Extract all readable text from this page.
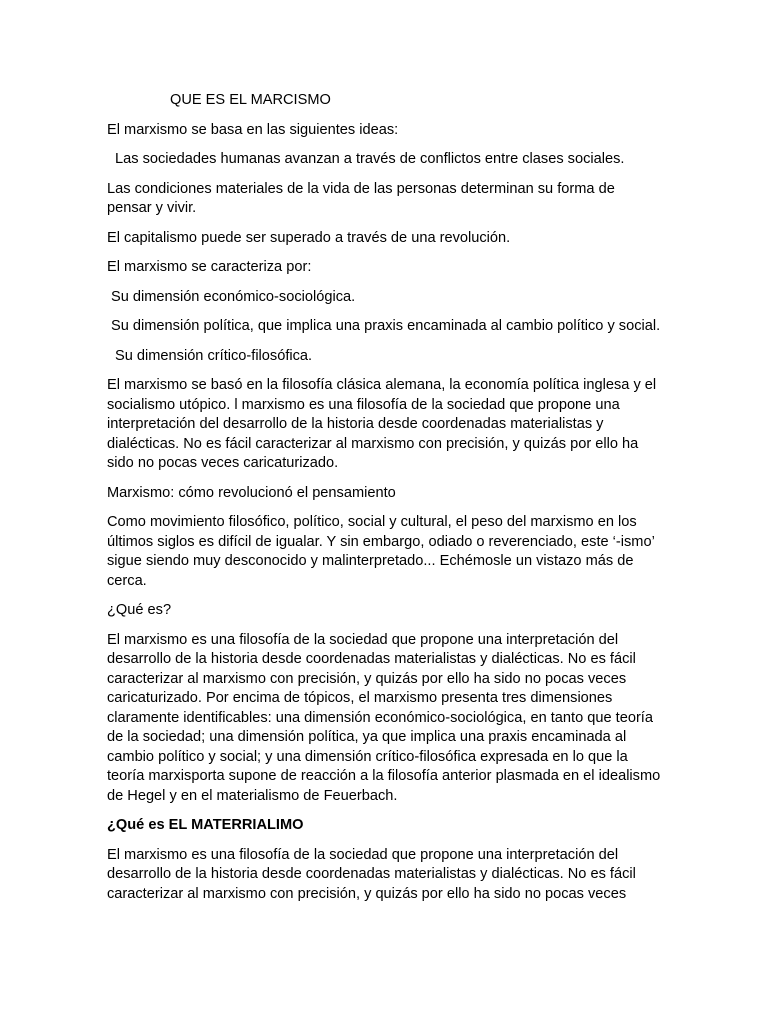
QUE ES EL MARCISMO

El marxismo se basa en las siguientes ideas:

Las sociedades humanas avanzan a través de conflictos entre clases sociales.

Las condiciones materiales de la vida de las personas determinan su forma de pensar y vivir.

El capitalismo puede ser superado a través de una revolución.

El marxismo se caracteriza por:

Su dimensión económico-sociológica.

Su dimensión política, que implica una praxis encaminada al cambio político y social.

Su dimensión crítico-filosófica.

El marxismo se basó en la filosofía clásica alemana, la economía política inglesa y el socialismo utópico. l marxismo es una filosofía de la sociedad que propone una interpretación del desarrollo de la historia desde coordenadas materialistas y dialécticas. No es fácil caracterizar al marxismo con precisión, y quizás por ello ha sido no pocas veces caricaturizado.

Marxismo: cómo revolucionó el pensamiento

Como movimiento filosófico, político, social y cultural, el peso del marxismo en los últimos siglos es difícil de igualar. Y sin embargo, odiado o reverenciado, este ‘-ismo’ sigue siendo muy desconocido y malinterpretado... Echémosle un vistazo más de cerca.

¿Qué es?

El marxismo es una filosofía de la sociedad que propone una interpretación del desarrollo de la historia desde coordenadas materialistas y dialécticas. No es fácil caracterizar al marxismo con precisión, y quizás por ello ha sido no pocas veces caricaturizado. Por encima de tópicos, el marxismo presenta tres dimensiones claramente identificables: una dimensión económico-sociológica, en tanto que teoría de la sociedad; una dimensión política, ya que implica una praxis encaminada al cambio político y social; y una dimensión crítico-filosófica expresada en lo que la teoría marxisporta supone de reacción a la filosofía anterior plasmada en el idealismo de Hegel y en el materialismo de Feuerbach.

¿Qué es EL MATERRIALIMO

El marxismo es una filosofía de la sociedad que propone una interpretación del desarrollo de la historia desde coordenadas materialistas y dialécticas. No es fácil caracterizar al marxismo con precisión, y quizás por ello ha sido no pocas veces
